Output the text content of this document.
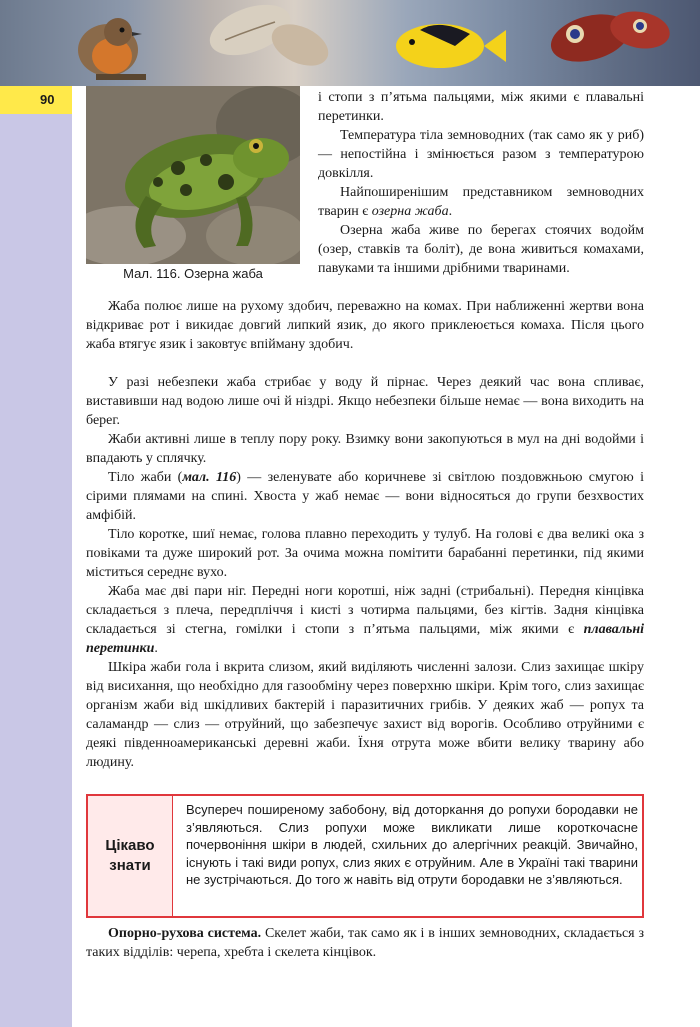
90
Мал. 116. Озерна жаба

і стопи з п’ятьма пальцями, між якими є плавальні перетинки.

Температура тіла земноводних (так само як у риб) — непостійна і змінюється разом з температурою довкілля.

Найпоширенішим представником земноводних тварин є озерна жаба.

Озерна жаба живе по берегах стоячих водойм (озер, ставків та боліт), де вона живиться комахами, павуками та іншими дрібними тваринами.

Жаба полює лише на рухому здобич, переважно на комах. При наближенні жертви вона відкриває рот і викидає довгий липкий язик, до якого приклеюється комаха. Після цього жаба втягує язик і заковтує впійману здобич.

У разі небезпеки жаба стрибає у воду й пірнає. Через деякий час вона спливає, виставивши над водою лише очі й ніздрі. Якщо небезпеки більше немає — вона виходить на берег.

Жаби активні лише в теплу пору року. Взимку вони закопуються в мул на дні водойми і впадають у сплячку.

Тіло жаби (мал. 116) — зеленувате або коричневе зі світлою поздовжньою смугою і сірими плямами на спині. Хвоста у жаб немає — вони відносяться до групи безхвостих амфібій.

Тіло коротке, шиї немає, голова плавно переходить у тулуб. На голові є два великі ока з повіками та дуже широкий рот. За очима можна помітити барабанні перетинки, під якими міститься середнє вухо.

Жаба має дві пари ніг. Передні ноги коротші, ніж задні (стрибальні). Передня кінцівка складається з плеча, передпліччя і кисті з чотирма пальцями, без кігтів. Задня кінцівка складається зі стегна, гомілки і стопи з п’ятьма пальцями, між якими є плавальні перетинки.

Шкіра жаби гола і вкрита слизом, який виділяють численні залози. Слиз захищає шкіру від висихання, що необхідно для газообміну через поверхню шкіри. Крім того, слиз захищає організм жаби від шкідливих бактерій і паразитичних грибів. У деяких жаб — ропух та саламандр — слиз — отруйний, що забезпечує захист від ворогів. Особливо отруйними є деякі південноамериканські деревні жаби. Їхня отрута може вбити велику тварину або людину.

Цікаво знати

Всупереч поширеному забобону, від доторкання до ропухи бородавки не з’являються. Слиз ропухи може викликати лише короткочасне почервоніння шкіри в людей, схильних до алергічних реакцій. Звичайно, існують і такі види ропух, слиз яких є отруйним. Але в Україні такі тварини не зустрічаються. До того ж навіть від отрути бородавки не з’являються.

Опорно-рухова система. Скелет жаби, так само як і в інших земноводних, складається з таких відділів: черепа, хребта і скелета кінцівок.
